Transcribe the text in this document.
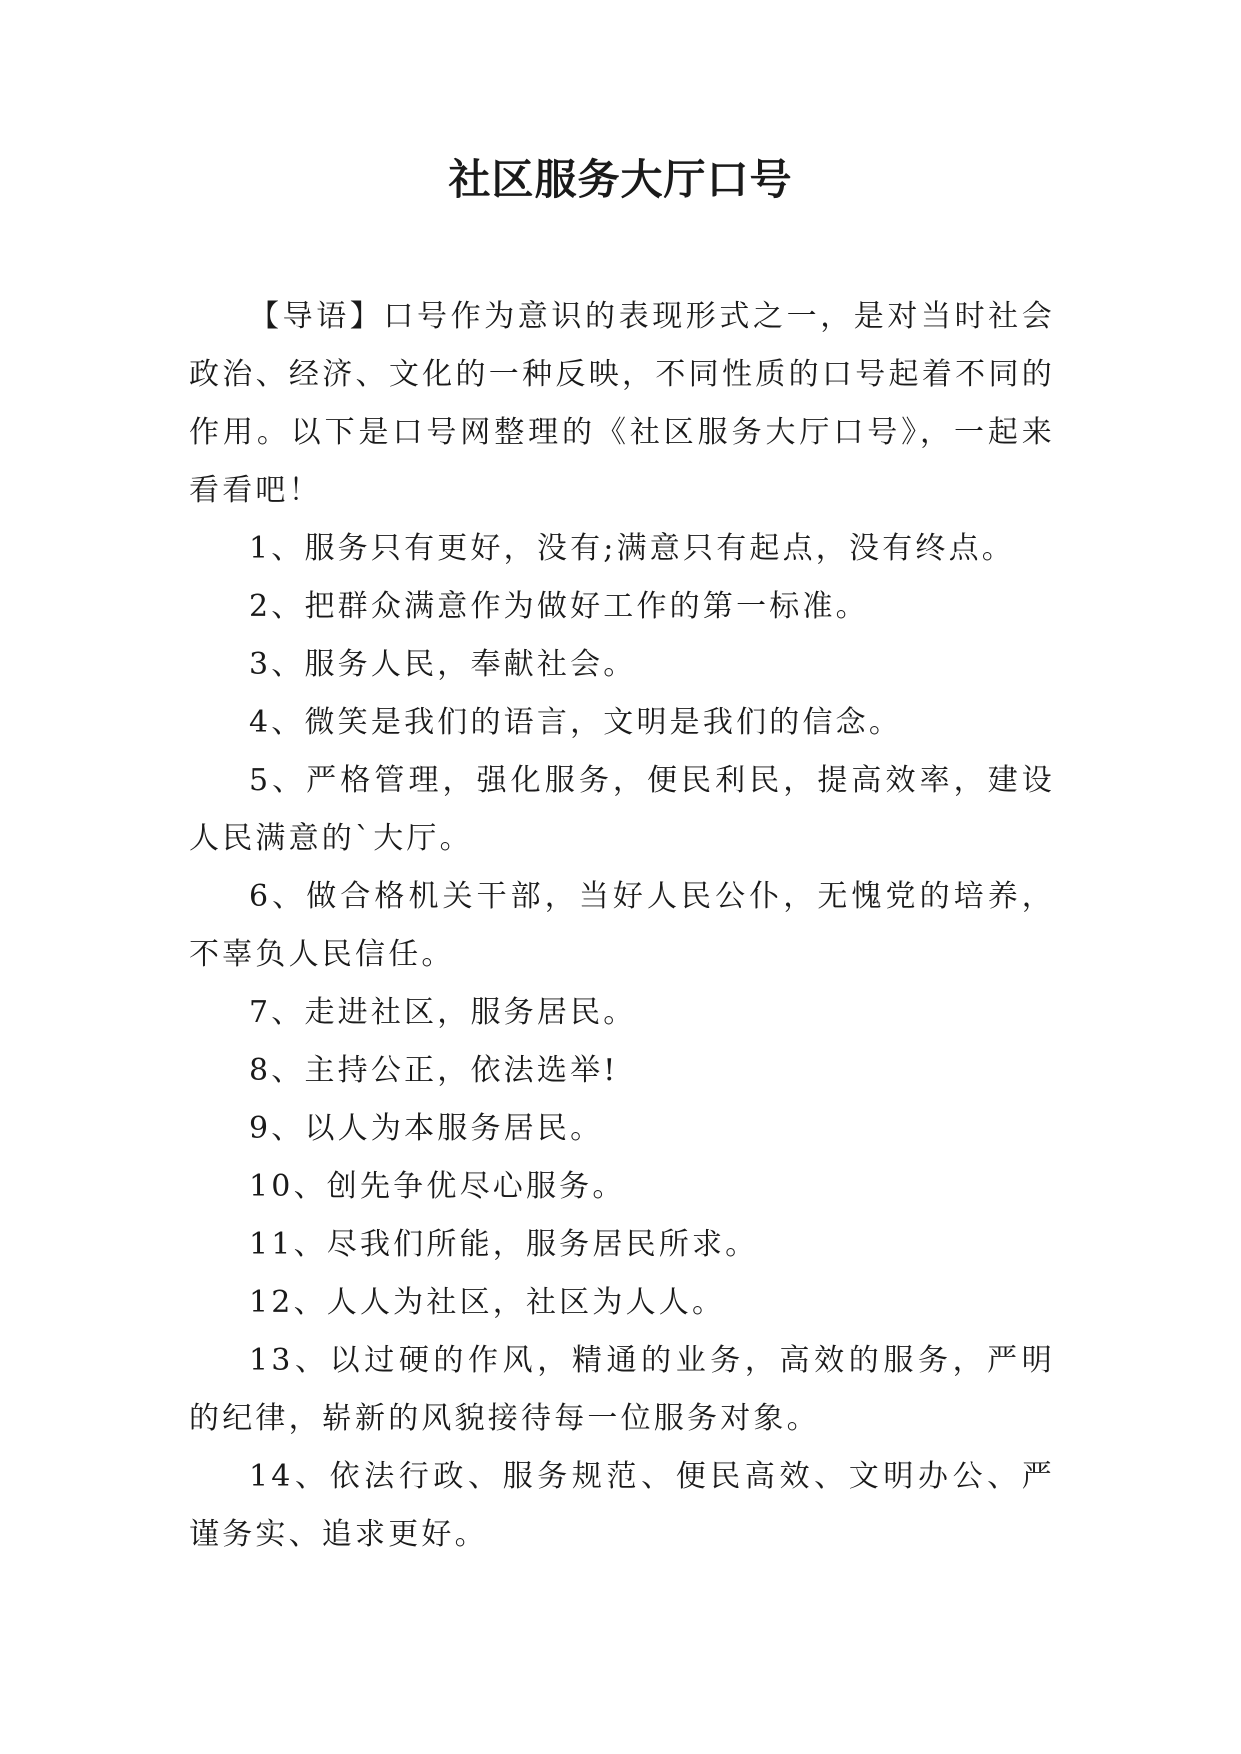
社区服务大厅口号

【导语】口号作为意识的表现形式之一，是对当时社会政治、经济、文化的一种反映，不同性质的口号起着不同的作用。以下是口号网整理的《社区服务大厅口号》，一起来看看吧！

1、服务只有更好，没有;满意只有起点，没有终点。

2、把群众满意作为做好工作的第一标准。

3、服务人民，奉献社会。

4、微笑是我们的语言，文明是我们的信念。

5、严格管理，强化服务，便民利民，提高效率，建设人民满意的`大厅。

6、做合格机关干部，当好人民公仆，无愧党的培养，不辜负人民信任。

7、走进社区，服务居民。

8、主持公正，依法选举!

9、以人为本服务居民。

10、创先争优尽心服务。

11、尽我们所能，服务居民所求。

12、人人为社区，社区为人人。

13、以过硬的作风，精通的业务，高效的服务，严明的纪律，崭新的风貌接待每一位服务对象。

14、依法行政、服务规范、便民高效、文明办公、严谨务实、追求更好。
